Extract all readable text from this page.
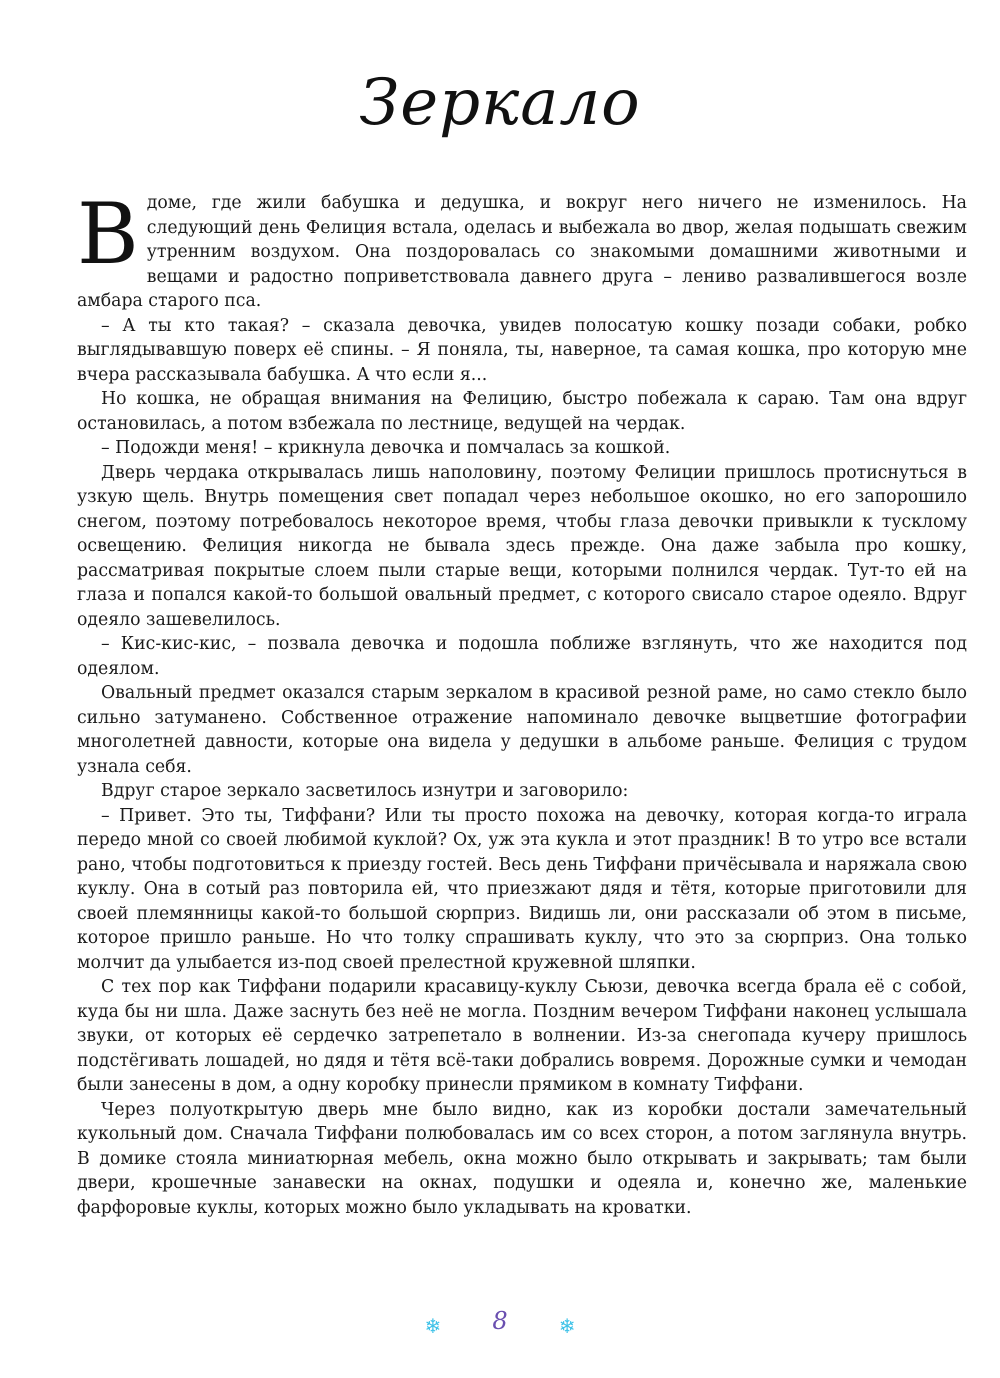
Зеркало

В доме, где жили бабушка и дедушка, и вокруг него ничего не изменилось. На следующий день Фелиция встала, оделась и выбежала во двор, желая подышать свежим утренним воздухом. Она поздоровалась со знакомыми домашними животными и вещами и радостно поприветствовала давнего друга – лениво развалившегося возле амбара старого пса.

– А ты кто такая? – сказала девочка, увидев полосатую кошку позади собаки, робко выглядывавшую поверх её спины. – Я поняла, ты, наверное, та самая кошка, про которую мне вчера рассказывала бабушка. А что если я...

Но кошка, не обращая внимания на Фелицию, быстро побежала к сараю. Там она вдруг остановилась, а потом взбежала по лестнице, ведущей на чердак.

– Подожди меня! – крикнула девочка и помчалась за кошкой.

Дверь чердака открывалась лишь наполовину, поэтому Фелиции пришлось протиснуться в узкую щель. Внутрь помещения свет попадал через небольшое окошко, но его запорошило снегом, поэтому потребовалось некоторое время, чтобы глаза девочки привыкли к тусклому освещению. Фелиция никогда не бывала здесь прежде. Она даже забыла про кошку, рассматривая покрытые слоем пыли старые вещи, которыми полнился чердак. Тут-то ей на глаза и попался какой-то большой овальный предмет, с которого свисало старое одеяло. Вдруг одеяло зашевелилось.

– Кис-кис-кис, – позвала девочка и подошла поближе взглянуть, что же находится под одеялом.

Овальный предмет оказался старым зеркалом в красивой резной раме, но само стекло было сильно затуманено. Собственное отражение напоминало девочке выцветшие фотографии многолетней давности, которые она видела у дедушки в альбоме раньше. Фелиция с трудом узнала себя.

Вдруг старое зеркало засветилось изнутри и заговорило:

– Привет. Это ты, Тиффани? Или ты просто похожа на девочку, которая когда-то играла передо мной со своей любимой куклой? Ох, уж эта кукла и этот праздник! В то утро все встали рано, чтобы подготовиться к приезду гостей. Весь день Тиффани причёсывала и наряжала свою куклу. Она в сотый раз повторила ей, что приезжают дядя и тётя, которые приготовили для своей племянницы какой-то большой сюрприз. Видишь ли, они рассказали об этом в письме, которое пришло раньше. Но что толку спрашивать куклу, что это за сюрприз. Она только молчит да улыбается из-под своей прелестной кружевной шляпки.

С тех пор как Тиффани подарили красавицу-куклу Сьюзи, девочка всегда брала её с собой, куда бы ни шла. Даже заснуть без неё не могла. Поздним вечером Тиффани наконец услышала звуки, от которых её сердечко затрепетало в волнении. Из-за снегопада кучеру пришлось подстёгивать лошадей, но дядя и тётя всё-таки добрались вовремя. Дорожные сумки и чемодан были занесены в дом, а одну коробку принесли прямиком в комнату Тиффани.

Через полуоткрытую дверь мне было видно, как из коробки достали замечательный кукольный дом. Сначала Тиффани полюбовалась им со всех сторон, а потом заглянула внутрь. В домике стояла миниатюрная мебель, окна можно было открывать и закрывать; там были двери, крошечные занавески на окнах, подушки и одеяла и, конечно же, маленькие фарфоровые куклы, которых можно было укладывать на кроватки.

❄ 8	❄
